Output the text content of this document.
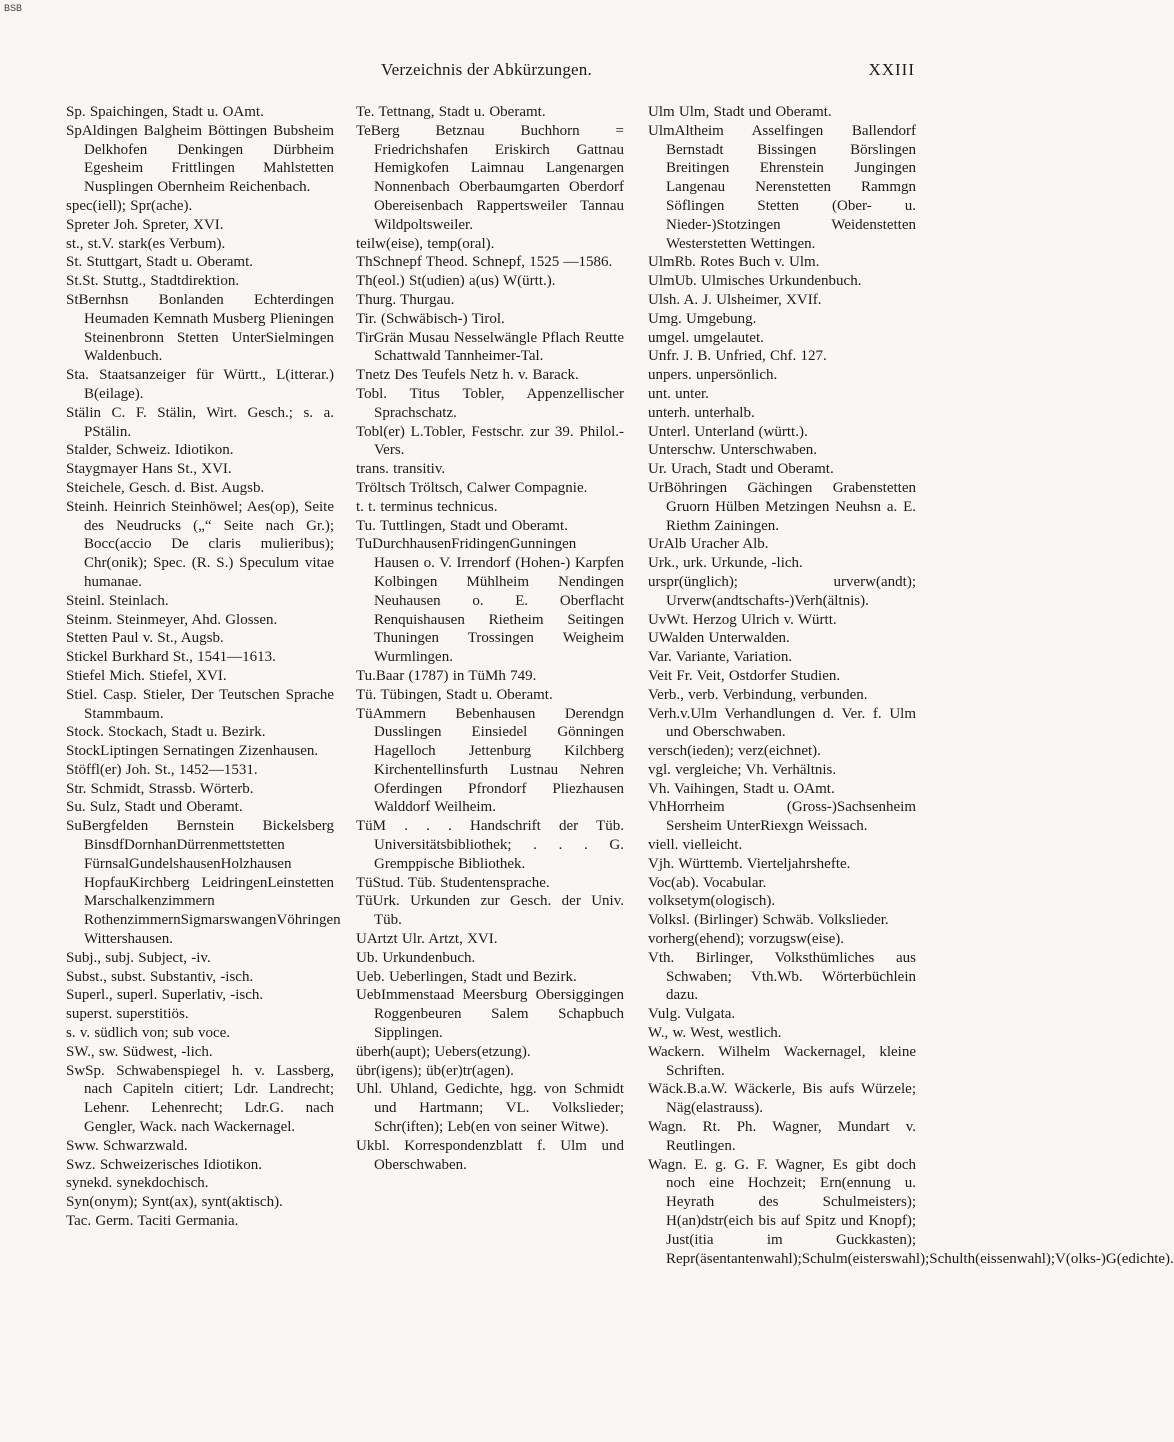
BSB
Verzeichnis der Abkürzungen.	XXIII
Sp. Spaichingen, Stadt u. OAmt.
SpAldingen Balgheim Böttingen Bubsheim Delkhofen Denkingen Dürbheim Egesheim Frittlingen Mahlstetten Nusplingen Obernheim Reichenbach.
spec(iell); Spr(ache).
Spreter Joh. Spreter, XVI.
st., st.V. stark(es Verbum).
St. Stuttgart, Stadt u. Oberamt.
St.St. Stuttg., Stadtdirektion.
StBernhsn Bonlanden Echterdingen Heumaden Kemnath Musberg Plieningen Steinenbronn Stetten UnterSielmingen Waldenbuch.
Sta. Staatsanzeiger für Württ., L(itterar.) B(eilage).
Stälin C. F. Stälin, Wirt. Gesch.; s. a. PStälin.
Stalder, Schweiz. Idiotikon.
Staygmayer Hans St., XVI.
Steichele, Gesch. d. Bist. Augsb.
Steinh. Heinrich Steinhöwel; Aes(op), Seite des Neudrucks („“ Seite nach Gr.); Bocc(accio De claris mulieribus); Chr(onik); Spec. (R. S.) Speculum vitae humanae.
Steinl. Steinlach.
Steinm. Steinmeyer, Ahd. Glossen.
Stetten Paul v. St., Augsb.
Stickel Burkhard St., 1541—1613.
Stiefel Mich. Stiefel, XVI.
Stiel. Casp. Stieler, Der Teutschen Sprache Stammbaum.
Stock. Stockach, Stadt u. Bezirk.
StockLiptingen Sernatingen Zizenhausen.
Stöffl(er) Joh. St., 1452—1531.
Str. Schmidt, Strassb. Wörterb.
Su. Sulz, Stadt und Oberamt.
SuBergfelden Bernstein Bickelsberg BinsdfDornhanDürrenmettstetten FürnsalGundelshausenHolzhausen HopfauKirchberg LeidringenLeinstetten Marschalkenzimmern RothenzimmernSigmarswangenVöhringen Wittershausen.
Subj., subj. Subject, -iv.
Subst., subst. Substantiv, -isch.
Superl., superl. Superlativ, -isch.
superst. superstitiös.
s. v. südlich von; sub voce.
SW., sw. Südwest, -lich.
SwSp. Schwabenspiegel h. v. Lassberg, nach Capiteln citiert; Ldr. Landrecht; Lehenr. Lehenrecht; Ldr.G. nach Gengler, Wack. nach Wackernagel.
Sww. Schwarzwald.
Swz. Schweizerisches Idiotikon.
synekd. synekdochisch.
Syn(onym); Synt(ax), synt(aktisch).
Tac. Germ. Taciti Germania.
Te. Tettnang, Stadt u. Oberamt.
TeBerg Betznau Buchhorn = Friedrichshafen Eriskirch Gattnau Hemigkofen Laimnau Langenargen Nonnenbach Oberbaumgarten Oberdorf Obereisenbach Rappertsweiler Tannau Wildpoltsweiler.
teilw(eise), temp(oral).
ThSchnepf Theod. Schnepf, 1525 —1586.
Th(eol.) St(udien) a(us) W(ürtt.).
Thurg. Thurgau.
Tir. (Schwäbisch-) Tirol.
TirGrän Musau Nesselwängle Pflach Reutte Schattwald Tannheimer-Tal.
Tnetz Des Teufels Netz h. v. Barack.
Tobl. Titus Tobler, Appenzellischer Sprachschatz.
Tobl(er) L.Tobler, Festschr. zur 39. Philol.-Vers.
trans. transitiv.
Tröltsch Tröltsch, Calwer Compagnie.
t. t. terminus technicus.
Tu. Tuttlingen, Stadt und Oberamt.
TuDurchhausenFridingenGunningen Hausen o. V. Irrendorf (Hohen-) Karpfen Kolbingen Mühlheim Nendingen Neuhausen o. E. Oberflacht Renquishausen Rietheim Seitingen Thuningen Trossingen Weigheim Wurmlingen.
Tu.Baar (1787) in TüMh 749.
Tü. Tübingen, Stadt u. Oberamt.
TüAmmern Bebenhausen Derendgn Dusslingen Einsiedel Gönningen Hagelloch Jettenburg Kilchberg Kirchentellinsfurth Lustnau Nehren Oferdingen Pfrondorf Pliezhausen Walddorf Weilheim.
TüM . . . Handschrift der Tüb. Universitätsbibliothek; . . . G. Gremppische Bibliothek.
TüStud. Tüb. Studentensprache.
TüUrk. Urkunden zur Gesch. der Univ. Tüb.
UArtzt Ulr. Artzt, XVI.
Ub. Urkundenbuch.
Ueb. Ueberlingen, Stadt und Bezirk.
UebImmenstaad Meersburg Obersiggingen Roggenbeuren Salem Schapbuch Sipplingen.
überh(aupt); Uebers(etzung).
übr(igens); üb(er)tr(agen).
Uhl. Uhland, Gedichte, hgg. von Schmidt und Hartmann; VL. Volkslieder; Schr(iften); Leb(en von seiner Witwe).
Ukbl. Korrespondenzblatt f. Ulm und Oberschwaben.
Ulm Ulm, Stadt und Oberamt.
UlmAltheim Asselfingen Ballendorf Bernstadt Bissingen Börslingen Breitingen Ehrenstein Jungingen Langenau Nerenstetten Rammgn Söflingen Stetten (Ober- u. Nieder-)Stotzingen Weidenstetten Westerstetten Wettingen.
UlmRb. Rotes Buch v. Ulm.
UlmUb. Ulmisches Urkundenbuch.
Ulsh. A. J. Ulsheimer, XVIf.
Umg. Umgebung.
umgel. umgelautet.
Unfr. J. B. Unfried, Chf. 127.
unpers. unpersönlich.
unt. unter.
unterh. unterhalb.
Unterl. Unterland (württ.).
Unterschw. Unterschwaben.
Ur. Urach, Stadt und Oberamt.
UrBöhringen Gächingen Grabenstetten Gruorn Hülben Metzingen Neuhsn a. E. Riethm Zainingen.
UrAlb Uracher Alb.
Urk., urk. Urkunde, -lich.
urspr(ünglich); urverw(andt); Urverw(andtschafts-)Verh(ältnis).
UvWt. Herzog Ulrich v. Württ.
UWalden Unterwalden.
Var. Variante, Variation.
Veit Fr. Veit, Ostdorfer Studien.
Verb., verb. Verbindung, verbunden.
Verh.v.Ulm Verhandlungen d. Ver. f. Ulm und Oberschwaben.
versch(ieden); verz(eichnet).
vgl. vergleiche; Vh. Verhältnis.
Vh. Vaihingen, Stadt u. OAmt.
VhHorrheim (Gross-)Sachsenheim Sersheim UnterRiexgn Weissach.
viell. vielleicht.
Vjh. Württemb. Vierteljahrshefte.
Voc(ab). Vocabular.
volksetym(ologisch).
Volksl. (Birlinger) Schwäb. Volkslieder.
vorherg(ehend); vorzugsw(eise).
Vth. Birlinger, Volksthümliches aus Schwaben; Vth.Wb. Wörterbüchlein dazu.
Vulg. Vulgata.
W., w. West, westlich.
Wackern. Wilhelm Wackernagel, kleine Schriften.
Wäck.B.a.W. Wäckerle, Bis aufs Würzele; Näg(elastrauss).
Wagn. Rt. Ph. Wagner, Mundart v. Reutlingen.
Wagn. E. g. G. F. Wagner, Es gibt doch noch eine Hochzeit; Ern(ennung u. Heyrath des Schulmeisters); H(an)dstr(eich bis auf Spitz und Knopf); Just(itia im Guckkasten); Repr(äsentantenwahl);Schulm(eisterswahl);Schulth(eissenwahl);V(olks-)G(edichte).
